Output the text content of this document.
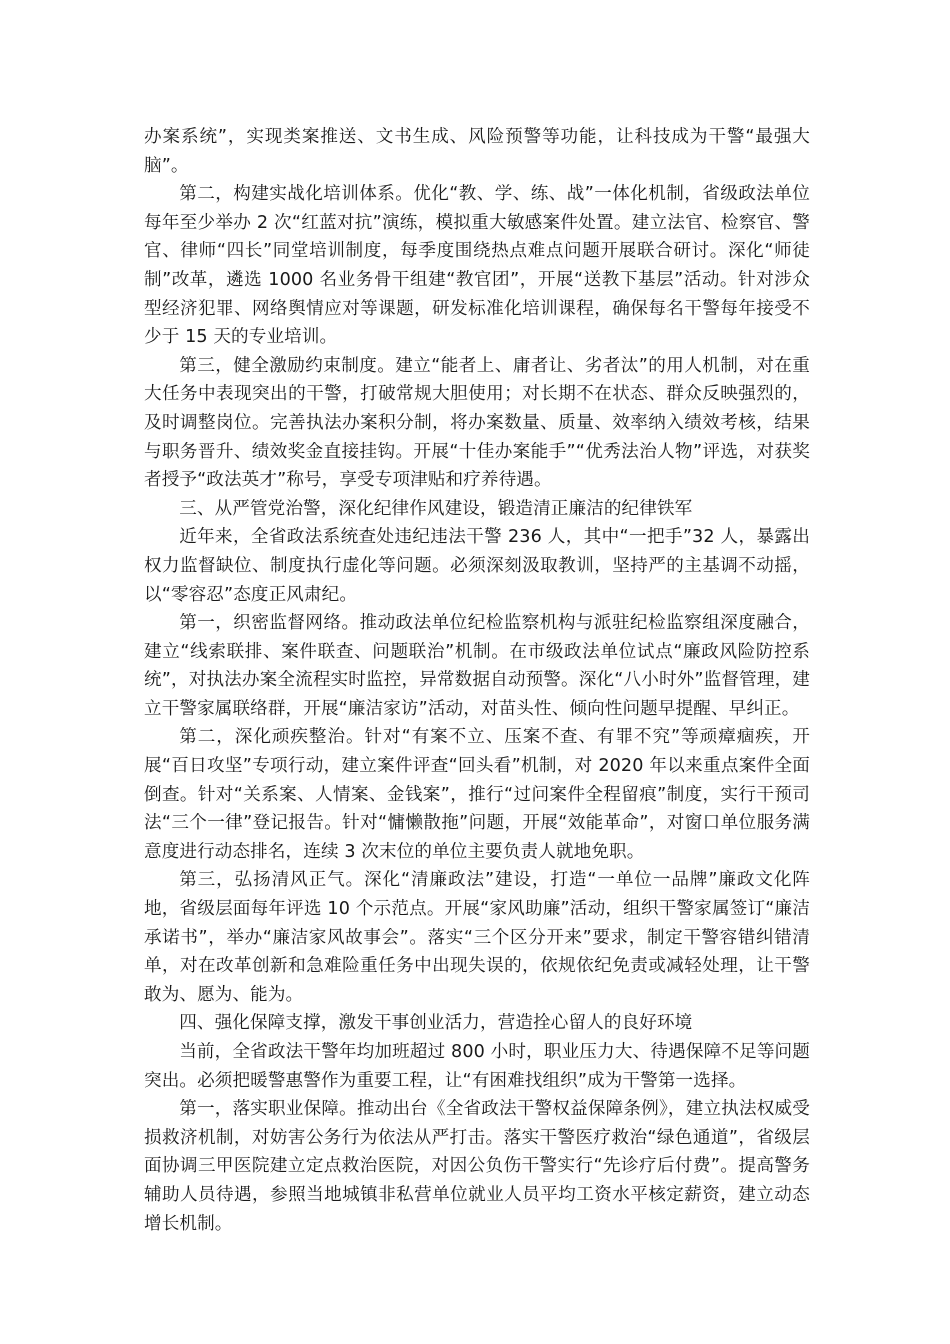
办案系统”，实现类案推送、文书生成、风险预警等功能，让科技成为干警“最强大脑”。

第二，构建实战化培训体系。优化“教、学、练、战”一体化机制，省级政法单位每年至少举办 2 次“红蓝对抗”演练，模拟重大敏感案件处置。建立法官、检察官、警官、律师“四长”同堂培训制度，每季度围绕热点难点问题开展联合研讨。深化“师徒制”改革，遴选 1000 名业务骨干组建“教官团”，开展“送教下基层”活动。针对涉众型经济犯罪、网络舆情应对等课题，研发标准化培训课程，确保每名干警每年接受不少于 15 天的专业培训。

第三，健全激励约束制度。建立“能者上、庸者让、劣者汰”的用人机制，对在重大任务中表现突出的干警，打破常规大胆使用；对长期不在状态、群众反映强烈的，及时调整岗位。完善执法办案积分制，将办案数量、质量、效率纳入绩效考核，结果与职务晋升、绩效奖金直接挂钩。开展“十佳办案能手”“优秀法治人物”评选，对获奖者授予“政法英才”称号，享受专项津贴和疗养待遇。

三、从严管党治警，深化纪律作风建设，锻造清正廉洁的纪律铁军

近年来，全省政法系统查处违纪违法干警 236 人，其中“一把手”32 人，暴露出权力监督缺位、制度执行虚化等问题。必须深刻汲取教训，坚持严的主基调不动摇，以“零容忍”态度正风肃纪。

第一，织密监督网络。推动政法单位纪检监察机构与派驻纪检监察组深度融合，建立“线索联排、案件联查、问题联治”机制。在市级政法单位试点“廉政风险防控系统”，对执法办案全流程实时监控，异常数据自动预警。深化“八小时外”监督管理，建立干警家属联络群，开展“廉洁家访”活动，对苗头性、倾向性问题早提醒、早纠正。

第二，深化顽疾整治。针对“有案不立、压案不查、有罪不究”等顽瘴痼疾，开展“百日攻坚”专项行动，建立案件评查“回头看”机制，对 2020 年以来重点案件全面倒查。针对“关系案、人情案、金钱案”，推行“过问案件全程留痕”制度，实行干预司法“三个一律”登记报告。针对“慵懒散拖”问题，开展“效能革命”，对窗口单位服务满意度进行动态排名，连续 3 次末位的单位主要负责人就地免职。

第三，弘扬清风正气。深化“清廉政法”建设，打造“一单位一品牌”廉政文化阵地，省级层面每年评选 10 个示范点。开展“家风助廉”活动，组织干警家属签订“廉洁承诺书”，举办“廉洁家风故事会”。落实“三个区分开来”要求，制定干警容错纠错清单，对在改革创新和急难险重任务中出现失误的，依规依纪免责或减轻处理，让干警敢为、愿为、能为。

四、强化保障支撑，激发干事创业活力，营造拴心留人的良好环境

当前，全省政法干警年均加班超过 800 小时，职业压力大、待遇保障不足等问题突出。必须把暖警惠警作为重要工程，让“有困难找组织”成为干警第一选择。

第一，落实职业保障。推动出台《全省政法干警权益保障条例》，建立执法权威受损救济机制，对妨害公务行为依法从严打击。落实干警医疗救治“绿色通道”，省级层面协调三甲医院建立定点救治医院，对因公负伤干警实行“先诊疗后付费”。提高警务辅助人员待遇，参照当地城镇非私营单位就业人员平均工资水平核定薪资，建立动态增长机制。
